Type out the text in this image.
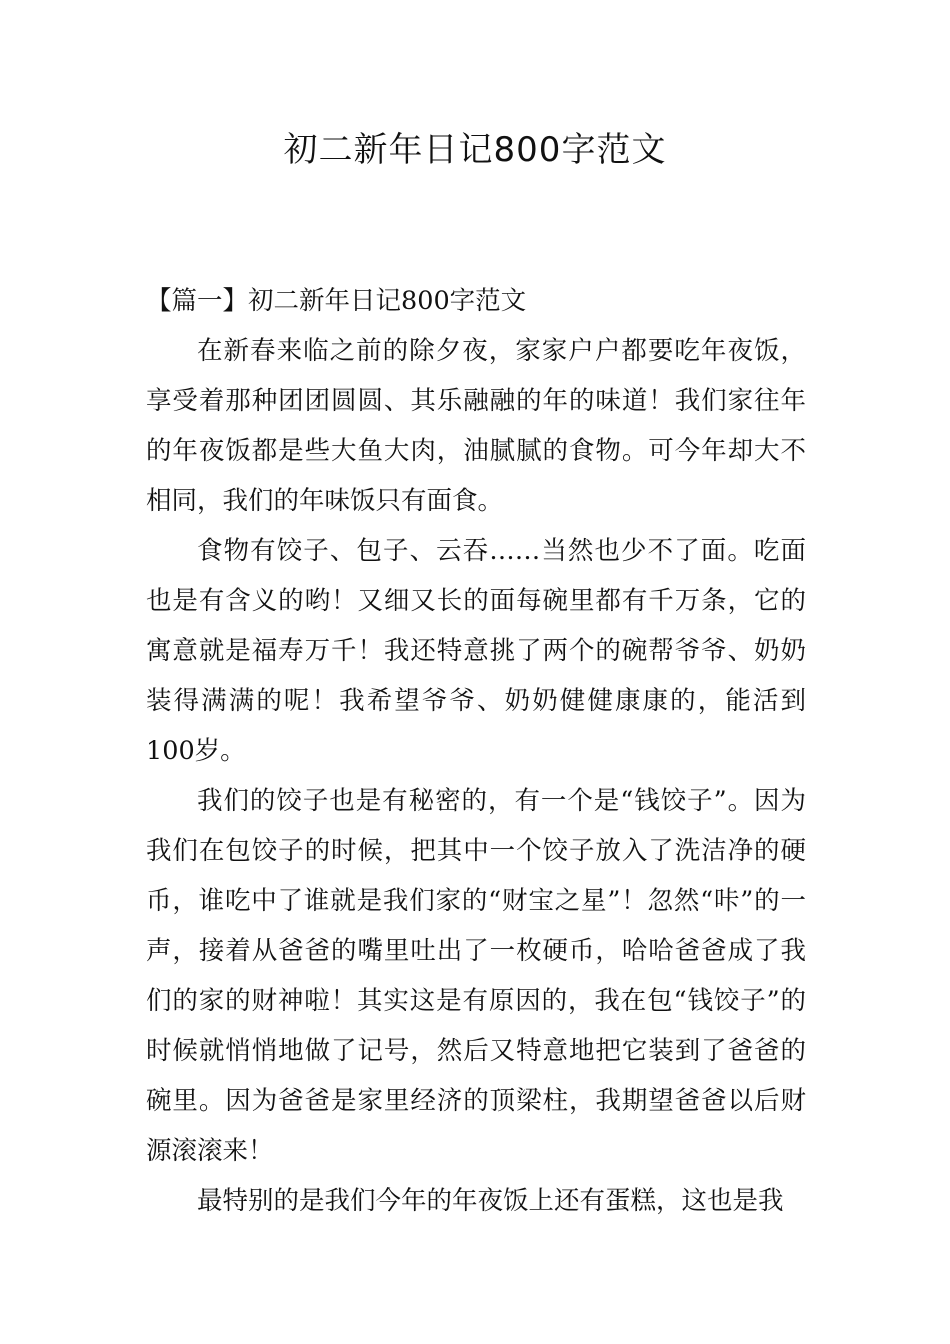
初二新年日记800字范文
【篇一】初二新年日记800字范文

在新春来临之前的除夕夜，家家户户都要吃年夜饭，享受着那种团团圆圆、其乐融融的年的味道！我们家往年的年夜饭都是些大鱼大肉，油腻腻的食物。可今年却大不相同，我们的年味饭只有面食。

食物有饺子、包子、云吞……当然也少不了面。吃面也是有含义的哟！又细又长的面每碗里都有千万条，它的寓意就是福寿万千！我还特意挑了两个的碗帮爷爷、奶奶装得满满的呢！我希望爷爷、奶奶健健康康的，能活到100岁。

我们的饺子也是有秘密的，有一个是“钱饺子”。因为我们在包饺子的时候，把其中一个饺子放入了洗洁净的硬币，谁吃中了谁就是我们家的“财宝之星”！忽然“咔”的一声，接着从爸爸的嘴里吐出了一枚硬币，哈哈爸爸成了我们的家的财神啦！其实这是有原因的，我在包“钱饺子”的时候就悄悄地做了记号，然后又特意地把它装到了爸爸的碗里。因为爸爸是家里经济的顶梁柱，我期望爸爸以后财源滚滚来！

最特别的是我们今年的年夜饭上还有蛋糕，这也是我
